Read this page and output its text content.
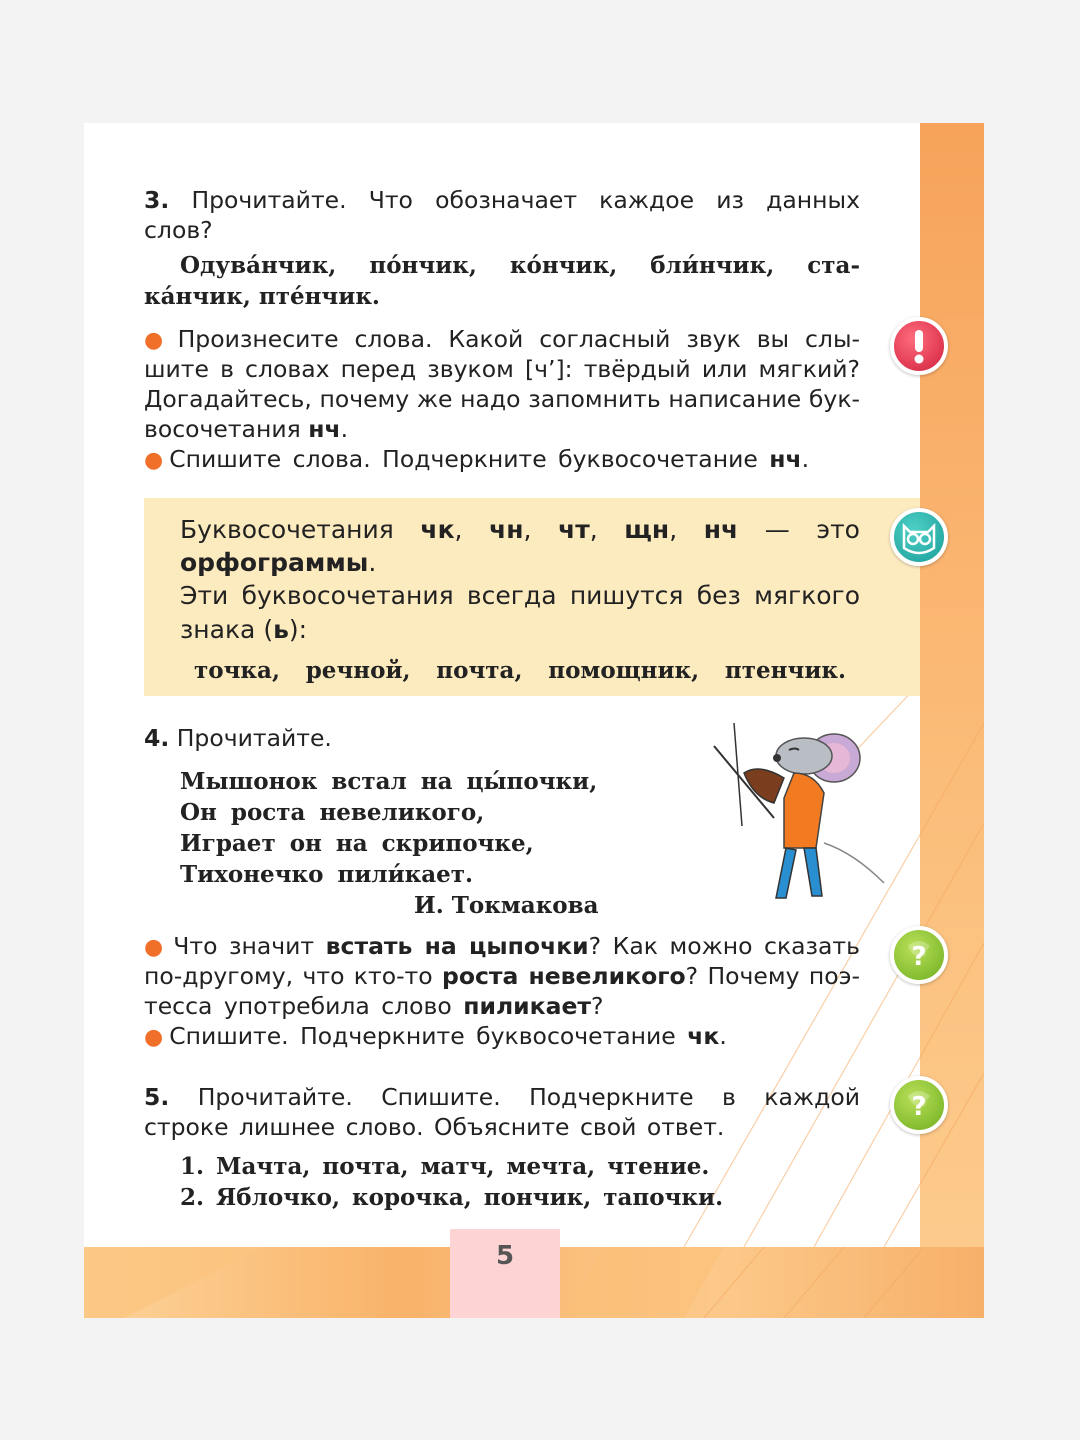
3. Прочитайте. Что обозначает каждое из данных
слов?
Одува́нчик, по́нчик, ко́нчик, бли́нчик, ста-
ка́нчик, пте́нчик.
● Произнесите слова. Какой согласный звук вы слы-
шите в словах перед звуком [ч’]: твёрдый или мягкий?
Догадайтесь, почему же надо запомнить написание бук-
восочетания нч.
● Спишите слова. Подчеркните буквосочетание нч.
Буквосочетания чк, чн, чт, щн, нч — это
орфограммы.
Эти буквосочетания всегда пишутся без мягкого
знака (ь):
точка, речной, почта, помощник, птенчик.
4. Прочитайте.
Мышонок встал на цы́почки,
Он роста невеликого,
Играет он на скрипочке,
Тихонечко пили́кает.
И. Токмакова
● Что значит встать на цыпочки? Как можно сказать
по-другому, что кто-то роста невеликого? Почему поэ-
тесса употребила слово пиликает?
● Спишите. Подчеркните буквосочетание чк.
5. Прочитайте. Спишите. Подчеркните в каждой
строке лишнее слово. Объясните свой ответ.
1. Мачта, почта, матч, мечта, чтение.
2. Яблочко, корочка, пончик, тапочки.
?
?
5
